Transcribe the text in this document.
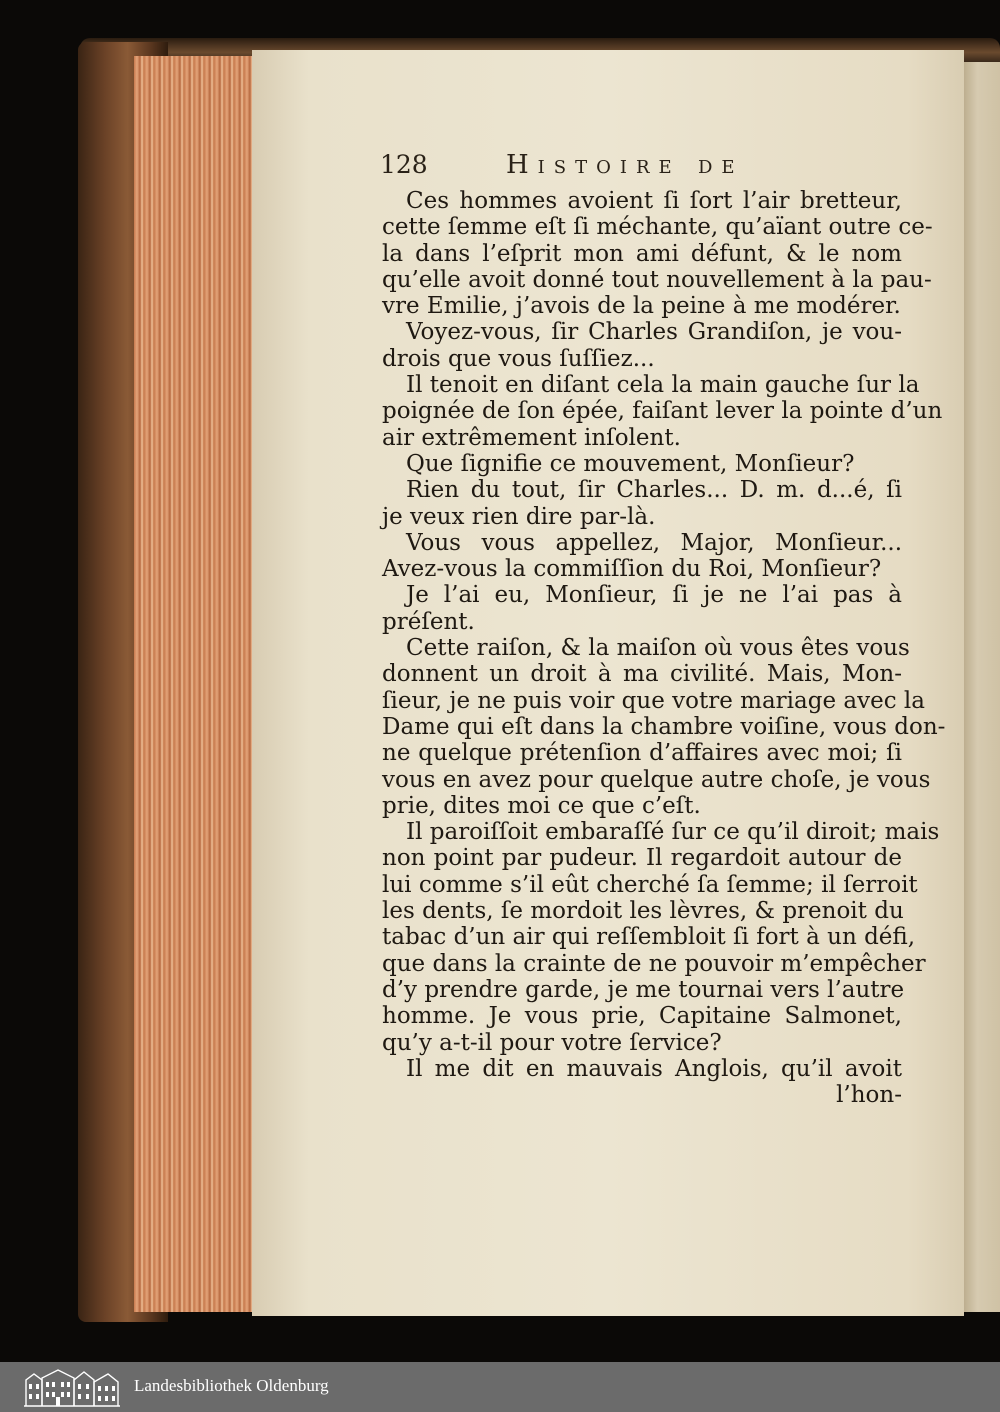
128	Histoire de
Ces hommes avoient ſi ſort l’air bretteur,
cette ſemme eſt ſi méchante, qu’aïant outre ce-
la dans l’eſprit mon ami défunt, & le nom
qu’elle avoit donné tout nouvellement à la pau-
vre Emilie, j’avois de la peine à me modérer.
Voyez-vous, ſir Charles Grandiſon, je vou-
drois que vous ſuſſiez...
Il tenoit en diſant cela la main gauche ſur la
poignée de ſon épée, faiſant lever la pointe d’un
air extrêmement inſolent.
Que ſignifie ce mouvement, Monſieur?
Rien du tout, ſir Charles... D. m. d...é, ſi
je veux rien dire par-là.
Vous vous appellez, Major, Monſieur...
Avez-vous la commiſſion du Roi, Monſieur?
Je l’ai eu, Monſieur, ſi je ne l’ai pas à
préſent.
Cette raiſon, & la maiſon où vous êtes vous
donnent un droit à ma civilité. Mais, Mon-
ſieur, je ne puis voir que votre mariage avec la
Dame qui eſt dans la chambre voiſine, vous don-
ne quelque prétenſion d’affaires avec moi; ſi
vous en avez pour quelque autre choſe, je vous
prie, dites moi ce que c’eſt.
Il paroiſſoit embaraſſé ſur ce qu’il diroit; mais
non point par pudeur. Il regardoit autour de
lui comme s’il eût cherché ſa ſemme; il ſerroit
les dents, ſe mordoit les lèvres, & prenoit du
tabac d’un air qui reſſembloit ſi fort à un défi,
que dans la crainte de ne pouvoir m’empêcher
d’y prendre garde, je me tournai vers l’autre
homme. Je vous prie, Capitaine Salmonet,
qu’y a-t-il pour votre ſervice?
Il me dit en mauvais Anglois, qu’il avoit
l’hon-
Landesbibliothek Oldenburg
